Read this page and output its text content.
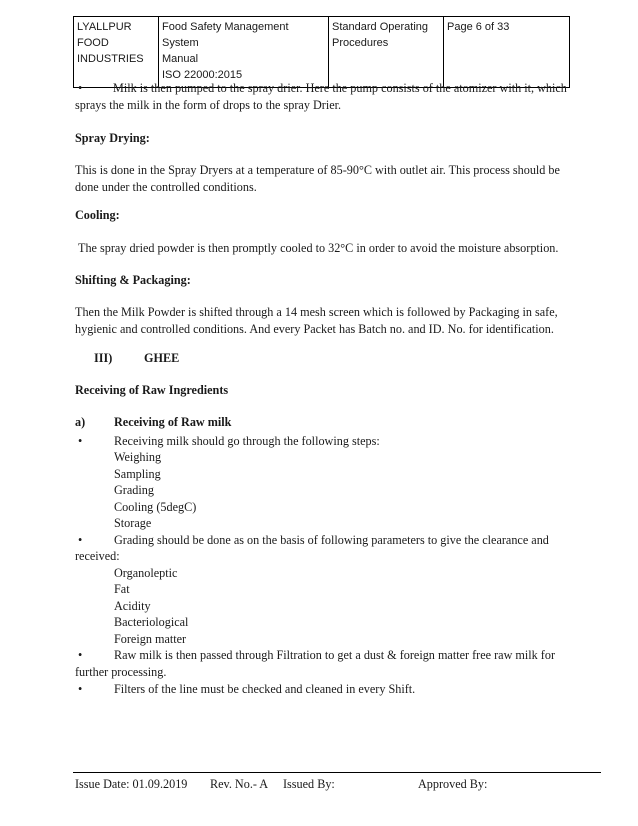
LYALLPUR
FOOD
INDUSTRIES

Food Safety Management System
Manual
ISO 22000:2015

Standard Operating
Procedures

Page 6 of 33
•	Milk is then pumped to the spray drier. Here the pump consists of the atomizer with it, which
sprays the milk in the form of drops to the spray Drier.

Spray Drying:

This is done in the Spray Dryers at a temperature of 85-90°C with outlet air. This process should be
done under the controlled conditions.

Cooling:

The spray dried powder is then promptly cooled to 32°C in order to avoid the moisture absorption.

Shifting & Packaging:

Then the Milk Powder is shifted through a 14 mesh screen which is followed by Packaging in safe,
hygienic and controlled conditions. And every Packet has Batch no. and ID. No. for identification.

III)	GHEE
Receiving of Raw Ingredients
a) Receiving of Raw milk
•	Receiving milk should go through the following steps:
Weighing
Sampling
Grading
Cooling (5degC)
Storage
•	Grading should be done as on the basis of following parameters to give the clearance and
received:
Organoleptic
Fat
Acidity
Bacteriological
Foreign matter
•	Raw milk is then passed through Filtration to get a dust & foreign matter free raw milk for
further processing.
•	Filters of the line must be checked and cleaned in every Shift.
Issue Date: 01.09.2019 Rev. No.- A Issued By:	Approved By:
